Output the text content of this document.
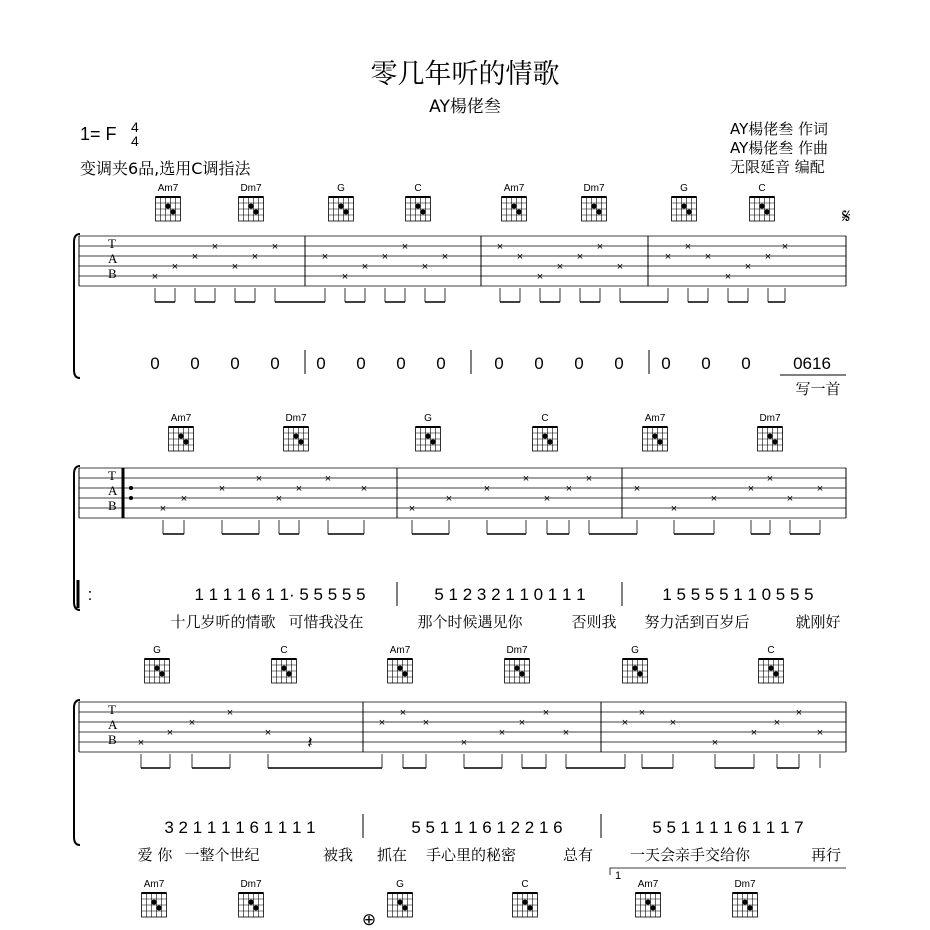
零几年听的情歌
AY楊佬叁
1= F 4
4
变调夹6品,选用C调指法
AY楊佬叁 作词
AY楊佬叁 作曲
无限延音 编配
𝄋
Am7	Dm7	G	C	Am7	Dm7	G	C
Am7	Dm7	G	C	Am7	Dm7
G	C	Am7	Dm7	G	C
Am7	Dm7	G	C	Am7	Dm7
T
A
B	×
×
×
×
×
×
×
×
×
×
×
×
×
×
×
×
×
×
×
×
×
×
×
×
×
×
×
×
T
A
B	×
×
×
×
×
×
×
×
×
×
×
×
×
×
×
×
×
×
×
×
×
×
T
A
B ×
×
×
×
×
×
×
×
×
×
×
×
×
×
×
×
×
×
×
×
×
𝄽
0 0 0 0 0 0 0 0	0 0 0 0 0 0 0 0616
写一首
:	1 1 1 1 6 1 1· 5 5 5 5 5	5 1 2 3 2 1 1 0 1 1 1	1 5 5 5 5 1 1 0 5 5 5
十几岁听的情歌 可惜我没在	那个时候遇见你	否则我 努力活到百岁后	就刚好
3 2 1 1 1 1 6 1 1 1 1	5 5 1 1 1 6 1 2 2 1 6	5 5 1 1 1 1 6 1 1 1 7
爱 你 一整个世纪	被我 抓在 手心里的秘密	总有 一天会亲手交给你	再行
1
⊕
